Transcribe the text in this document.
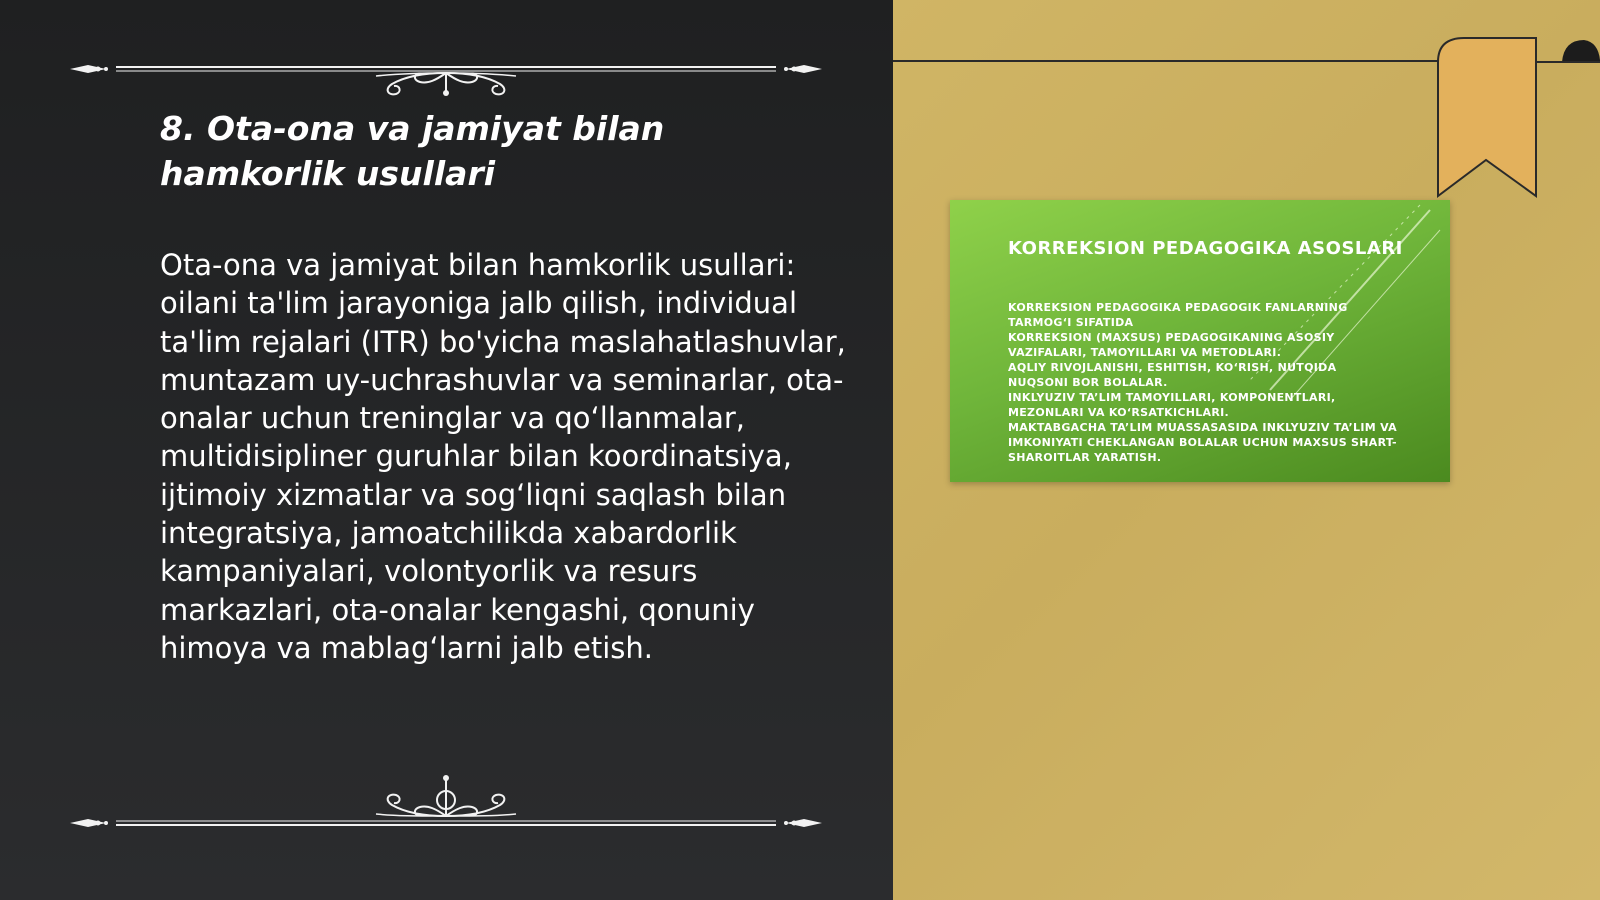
8. Ota-ona va jamiyat bilan hamkorlik usullari

Ota-ona va jamiyat bilan hamkorlik usullari: oilani ta'lim jarayoniga jalb qilish, individual ta'lim rejalari (ITR) bo'yicha maslahatlashuvlar, muntazam uy-uchrashuvlar va seminarlar, ota-onalar uchun treninglar va qo‘llanmalar, multidisipliner guruhlar bilan koordinatsiya, ijtimoiy xizmatlar va sog‘liqni saqlash bilan integratsiya, jamoatchilikda xabardorlik kampaniyalari, volontyorlik va resurs markazlari, ota-onalar kengashi, qonuniy himoya va mablag‘larni jalb etish.

KORREKSION PEDAGOGIKA ASOSLARI
KORREKSION PEDAGOGIKA PEDAGOGIK FANLARNING TARMOG‘I SIFATIDA
KORREKSION (MAXSUS) PEDAGOGIKANING ASOSIY VAZIFALARI, TAMOYILLARI VA METODLARI.
AQLIY RIVOJLANISHI, ESHITISH, KO‘RISH, NUTQIDA NUQSONI BOR BOLALAR.
INKLYUZIV TA’LIM TAMOYILLARI, KOMPONENTLARI, MEZONLARI VA KO‘RSATKICHLARI.
MAKTABGACHA TA’LIM MUASSASASIDA INKLYUZIV TA’LIM VA IMKONIYATI CHEKLANGAN BOLALAR UCHUN MAXSUS SHART-SHAROITLAR YARATISH.
